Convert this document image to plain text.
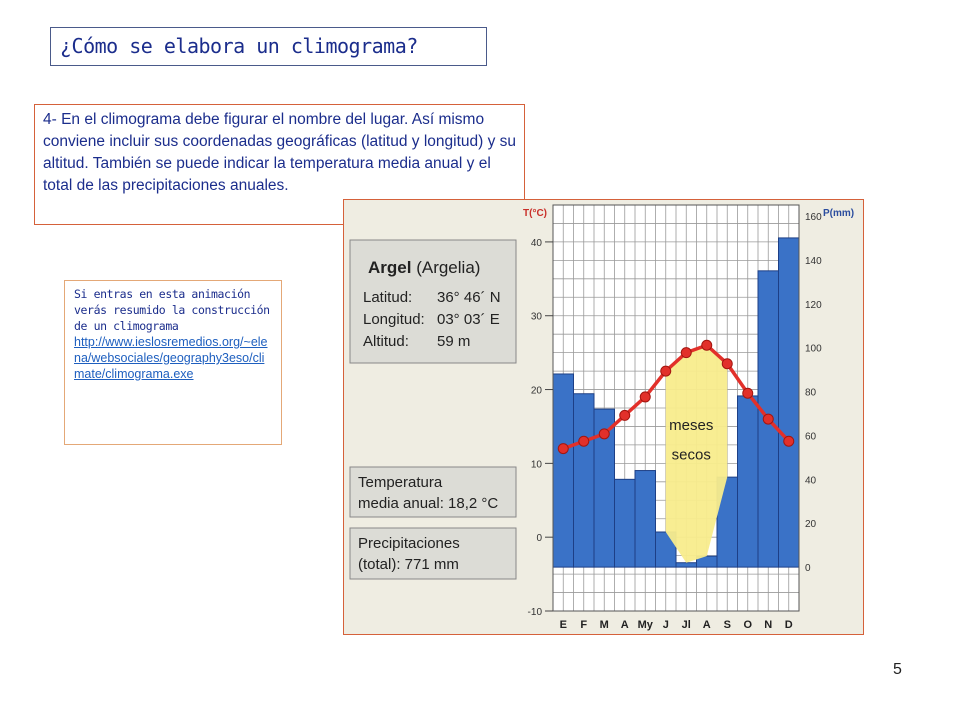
¿Cómo se elabora un climograma?
4- En el climograma debe figurar el nombre del lugar. Así mismo conviene incluir sus coordenadas geográficas (latitud y longitud) y su altitud. También se puede indicar la temperatura media anual y el total de las precipitaciones anuales.
Si entras en esta animación verás resumido la construcción de un climograma
http://www.ieslosremedios.org/~elena/websociales/geography3eso/climate/climograma.exe
meses
secos
40
30
20
10
0
-10
T(°C)	160
140
120
100
80
60
40
20
0
P(mm)
E F M A My J Jl A S O N D
Argel (Argelia)
Latitud: 36° 46´ N
Longitud: 03° 03´ E
Altitud: 59 m
Temperatura
media anual: 18,2 °C
Precipitaciones
(total): 771 mm
5
